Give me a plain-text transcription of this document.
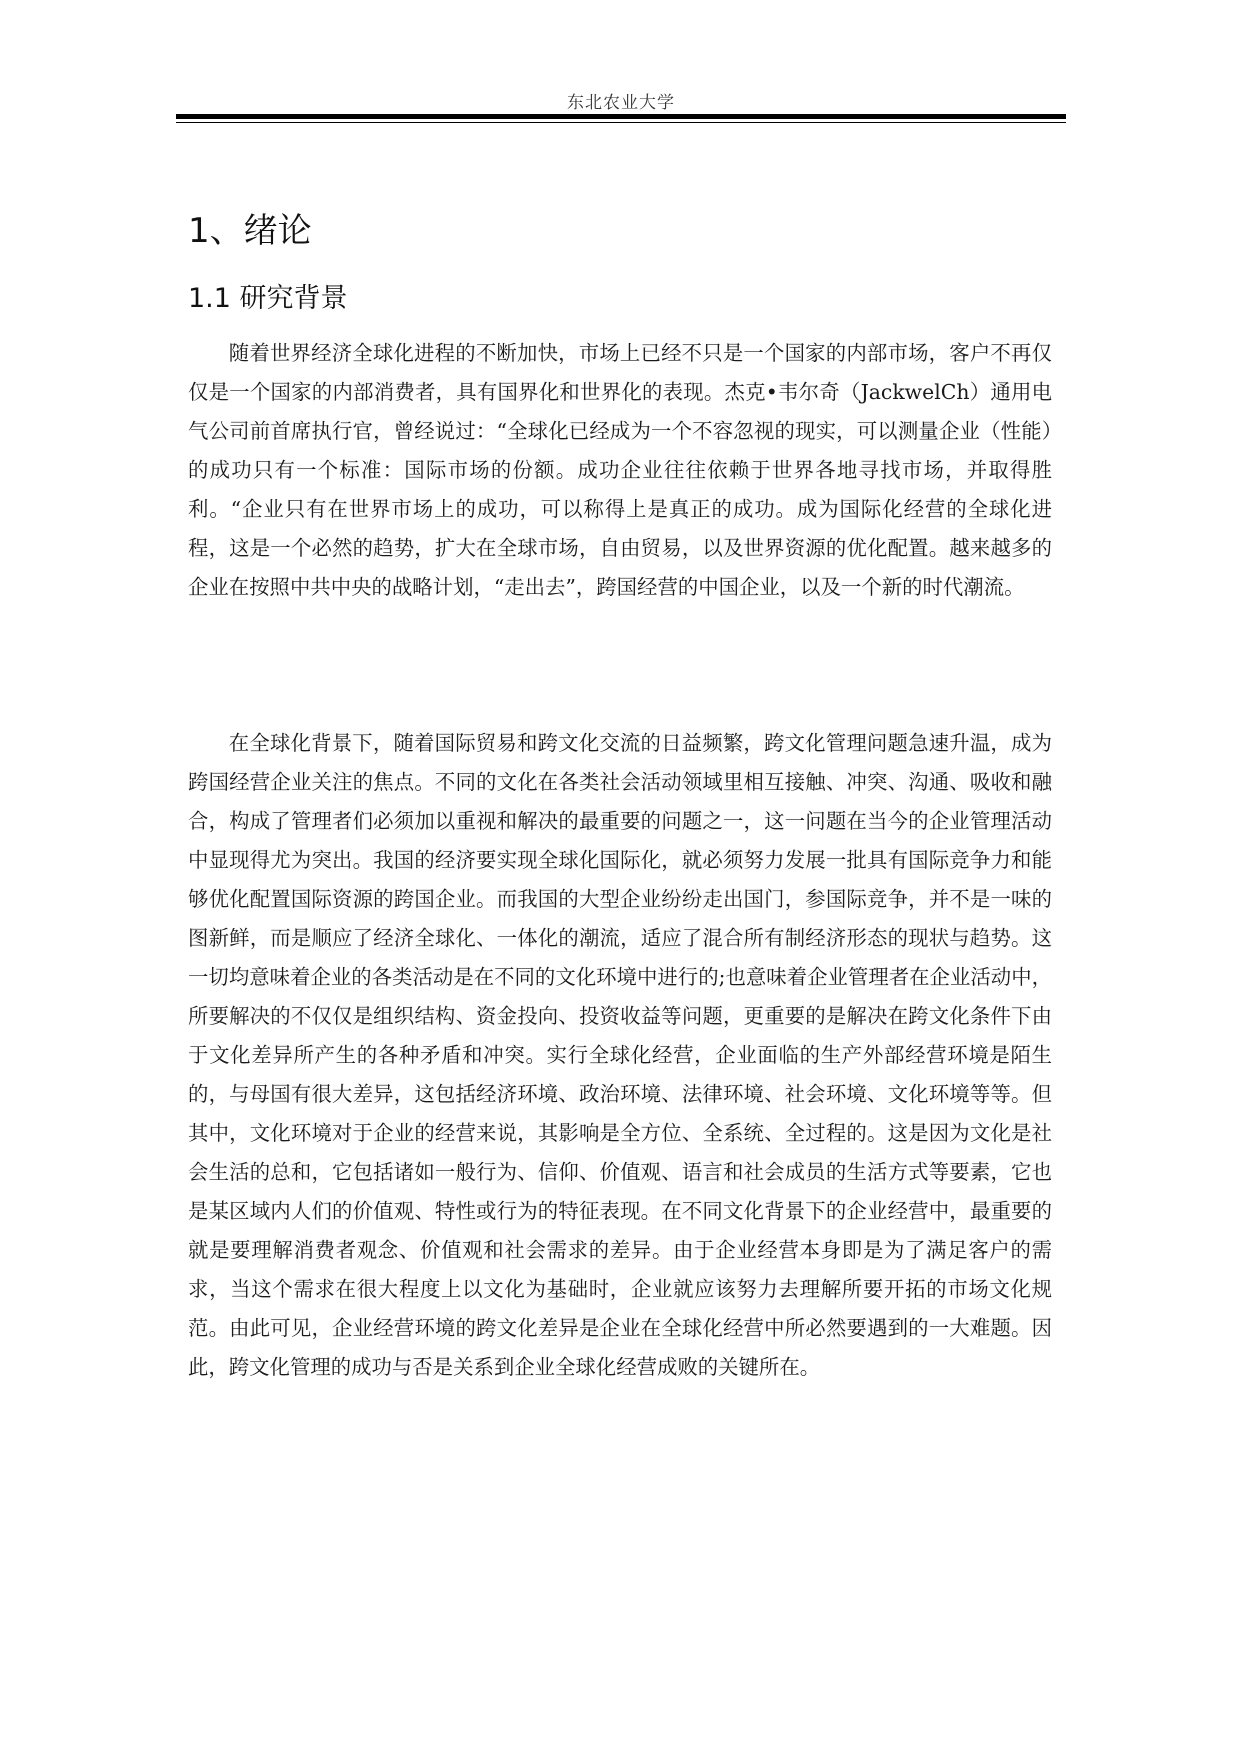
东北农业大学
1、绪论
1.1 研究背景

随着世界经济全球化进程的不断加快，市场上已经不只是一个国家的内部市场，客户不再仅仅是一个国家的内部消费者，具有国界化和世界化的表现。杰克•韦尔奇（JackwelCh）通用电气公司前首席执行官，曾经说过：“全球化已经成为一个不容忽视的现实，可以测量企业（性能）的成功只有一个标准：国际市场的份额。成功企业往往依赖于世界各地寻找市场，并取得胜利。“企业只有在世界市场上的成功，可以称得上是真正的成功。成为国际化经营的全球化进程，这是一个必然的趋势，扩大在全球市场，自由贸易，以及世界资源的优化配置。越来越多的企业在按照中共中央的战略计划，“走出去”，跨国经营的中国企业，以及一个新的时代潮流。

在全球化背景下，随着国际贸易和跨文化交流的日益频繁，跨文化管理问题急速升温，成为跨国经营企业关注的焦点。不同的文化在各类社会活动领域里相互接触、冲突、沟通、吸收和融合，构成了管理者们必须加以重视和解决的最重要的问题之一，这一问题在当今的企业管理活动中显现得尤为突出。我国的经济要实现全球化国际化，就必须努力发展一批具有国际竞争力和能够优化配置国际资源的跨国企业。而我国的大型企业纷纷走出国门，参国际竞争，并不是一味的图新鲜，而是顺应了经济全球化、一体化的潮流，适应了混合所有制经济形态的现状与趋势。这一切均意味着企业的各类活动是在不同的文化环境中进行的;也意味着企业管理者在企业活动中，所要解决的不仅仅是组织结构、资金投向、投资收益等问题，更重要的是解决在跨文化条件下由于文化差异所产生的各种矛盾和冲突。实行全球化经营，企业面临的生产外部经营环境是陌生的，与母国有很大差异，这包括经济环境、政治环境、法律环境、社会环境、文化环境等等。但其中，文化环境对于企业的经营来说，其影响是全方位、全系统、全过程的。这是因为文化是社会生活的总和，它包括诸如一般行为、信仰、价值观、语言和社会成员的生活方式等要素，它也是某区域内人们的价值观、特性或行为的特征表现。在不同文化背景下的企业经营中，最重要的就是要理解消费者观念、价值观和社会需求的差异。由于企业经营本身即是为了满足客户的需求，当这个需求在很大程度上以文化为基础时，企业就应该努力去理解所要开拓的市场文化规范。由此可见，企业经营环境的跨文化差异是企业在全球化经营中所必然要遇到的一大难题。因此，跨文化管理的成功与否是关系到企业全球化经营成败的关键所在。
